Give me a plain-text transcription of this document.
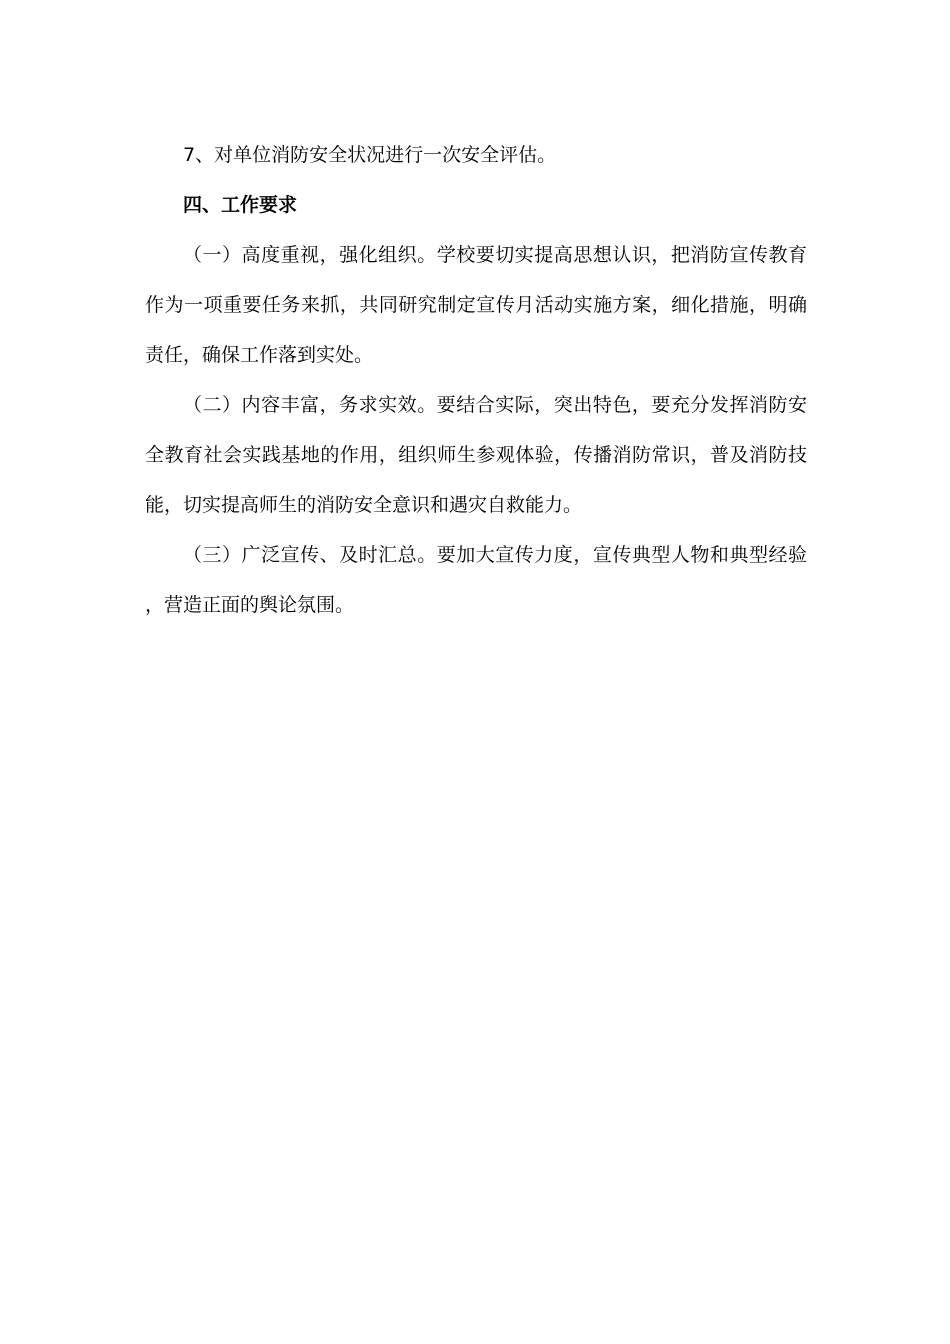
7、对单位消防安全状况进行一次安全评估。

四、工作要求

（一）高度重视，强化组织。学校要切实提高思想认识，把消防宣传教育作为一项重要任务来抓，共同研究制定宣传月活动实施方案，细化措施，明确责任，确保工作落到实处。

（二）内容丰富，务求实效。要结合实际，突出特色，要充分发挥消防安全教育社会实践基地的作用，组织师生参观体验，传播消防常识，普及消防技能，切实提高师生的消防安全意识和遇灾自救能力。

（三）广泛宣传、及时汇总。要加大宣传力度，宣传典型人物和典型经验，营造正面的舆论氛围。
